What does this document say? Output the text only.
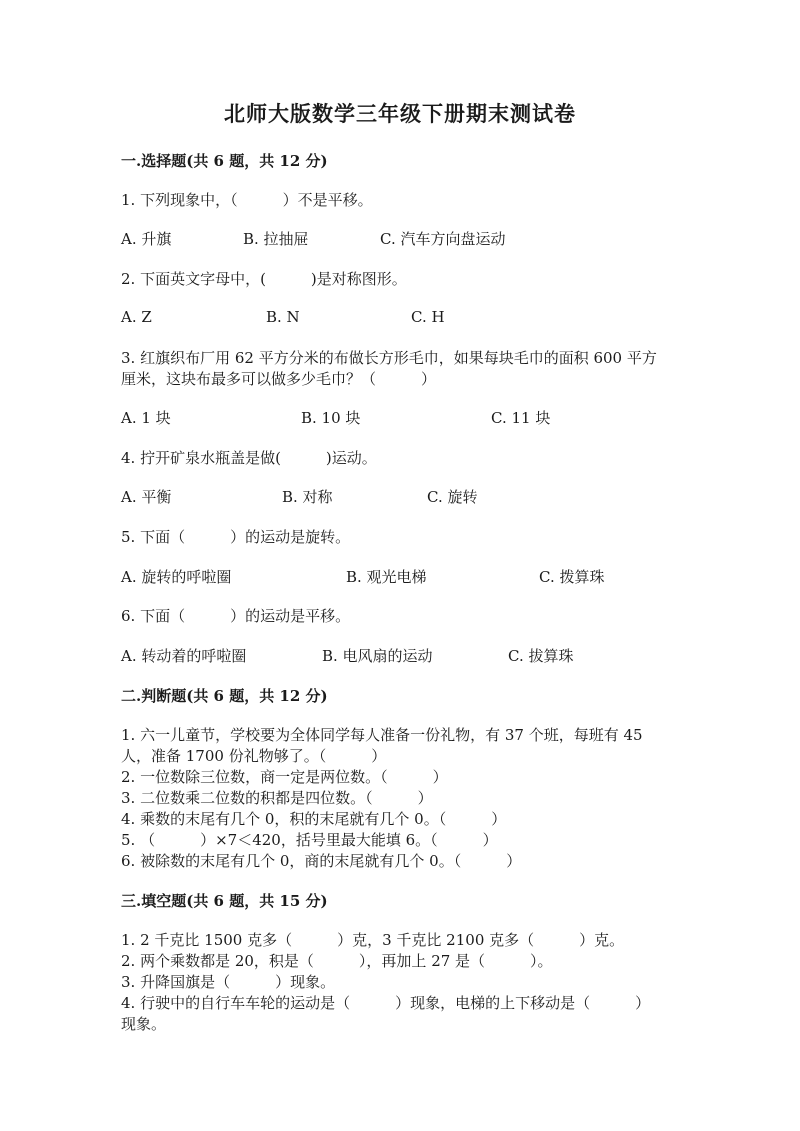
北师大版数学三年级下册期末测试卷
一.选择题(共 6 题，共 12 分)
1. 下列现象中，（　　　）不是平移。
A. 升旗	B. 拉抽屉	C. 汽车方向盘运动
2. 下面英文字母中，(　　　)是对称图形。
A. Z	B. N	C. H
3. 红旗织布厂用 62 平方分米的布做长方形毛巾，如果每块毛巾的面积 600 平方
厘米，这块布最多可以做多少毛巾？（　　　）
A. 1 块	B. 10 块	C. 11 块
4. 拧开矿泉水瓶盖是做(　　　)运动。
A. 平衡	B. 对称	C. 旋转
5. 下面（　　　）的运动是旋转。
A. 旋转的呼啦圈	B. 观光电梯	C. 拨算珠
6. 下面（　　　）的运动是平移。
A. 转动着的呼啦圈	B. 电风扇的运动	C. 拔算珠
二.判断题(共 6 题，共 12 分)
1. 六一儿童节，学校要为全体同学每人准备一份礼物，有 37 个班，每班有 45
人，准备 1700 份礼物够了。（　　　）
2. 一位数除三位数，商一定是两位数。（　　　）
3. 二位数乘二位数的积都是四位数。（　　　）
4. 乘数的末尾有几个 0，积的末尾就有几个 0。（　　　）
5. （　　　）×7＜420，括号里最大能填 6。（　　　）
6. 被除数的末尾有几个 0，商的末尾就有几个 0。（　　　）
三.填空题(共 6 题，共 15 分)
1. 2 千克比 1500 克多（　　　）克，3 千克比 2100 克多（　　　）克。
2. 两个乘数都是 20，积是（　　　），再加上 27 是（　　　）。
3. 升降国旗是（　　　）现象。
4. 行驶中的自行车车轮的运动是（　　　）现象，电梯的上下移动是（　　　）
现象。
